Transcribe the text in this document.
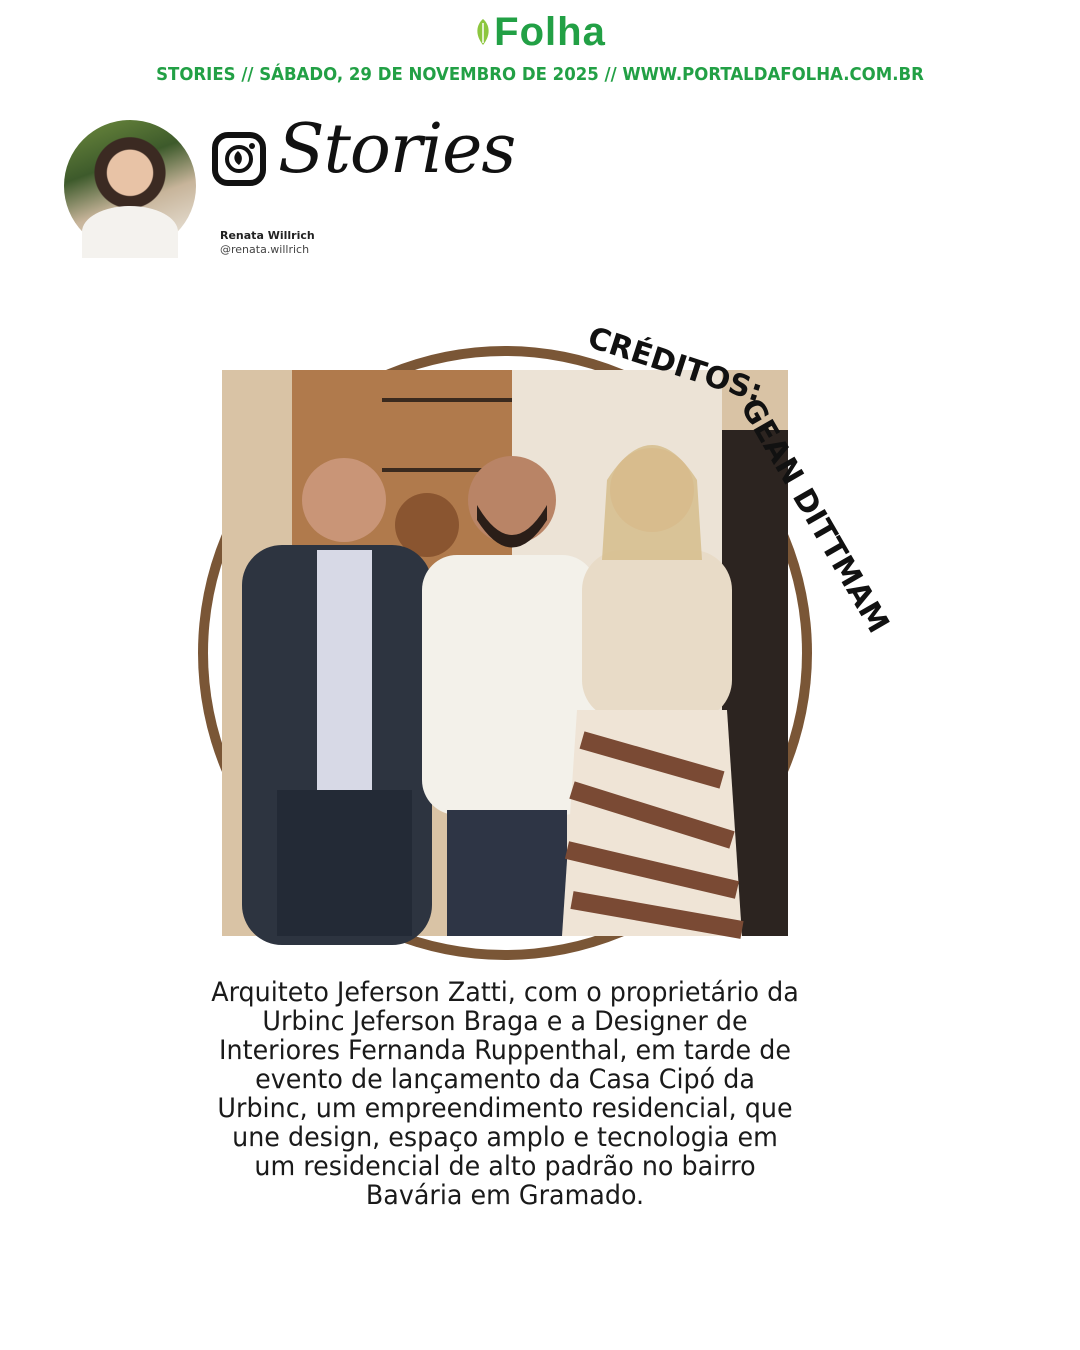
Folha
STORIES // SÁBADO, 29 DE NOVEMBRO DE 2025 // WWW.PORTALDAFOLHA.COM.BR
Stories
Renata Willrich
@renata.willrich
CRÉDITOS:
GEAN DITTMAM
Arquiteto Jeferson Zatti, com o proprietário da Urbinc Jeferson Braga e a Designer de Interiores Fernanda Ruppenthal, em tarde de evento de lançamento da Casa Cipó da Urbinc, um empreendimento residencial, que une design, espaço amplo e tecnologia em um residencial de alto padrão no bairro Bavária em Gramado.
